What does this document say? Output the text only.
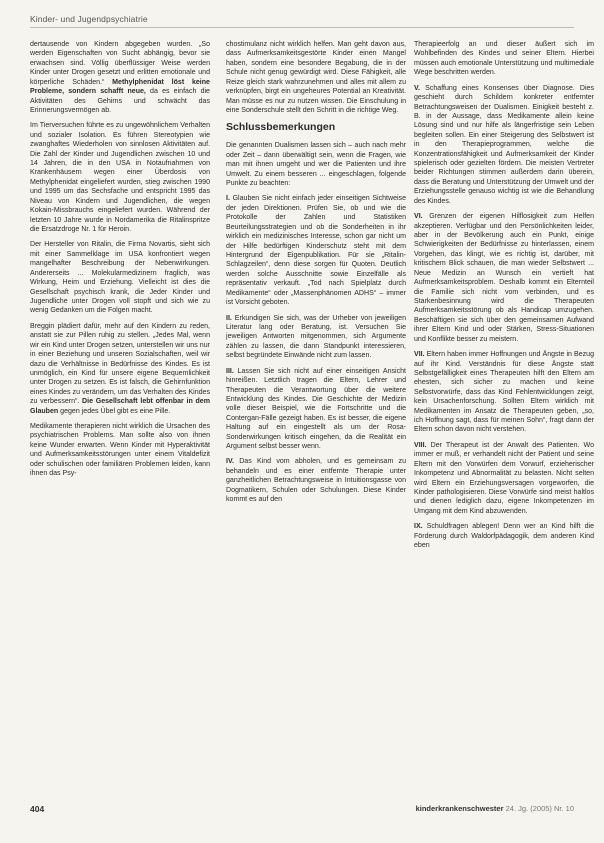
Kinder- und Jugendpsychiatrie

dertausende von Kindern abgegeben wurden. „So werden Eigenschaften von Sucht abhängig, bevor sie erwachsen sind. Völlig überflüssiger Weise werden Kinder unter Drogen gesetzt und erlitten emotionale und körperliche Schäden.“ Methylphenidat löst keine Probleme, sondern schafft neue, da es einfach die Aktivitäten des Gehirns und schwächt das Erinnerungsvermögen ab.

Im Tierversuchen führte es zu ungewöhnlichem Verhalten und sozialer Isolation. Es führen Stereotypien wie zwanghaftes Wiederholen von sinnlosen Aktivitäten auf. Die Zahl der Kinder und Jugendlichen zwischen 10 und 14 Jahren, die in den USA in Notaufnahmen von Krankenhäusern wegen einer Überdosis von Methylphenidat eingeliefert wurden, stieg zwischen 1990 und 1995 um das Sechsfache und entspricht 1995 das Niveau von Kindern und Jugendlichen, die wegen Kokain-Missbrauchs eingeliefert wurden. Während der letzten 10 Jahre wurde in Nordamerika die Ritalinspritze die Ersatzdroge Nr. 1 für Heroin.

Der Hersteller von Ritalin, die Firma Novartis, sieht sich mit einer Sammelklage im USA konfrontiert wegen mangelhafter Beschreibung der Nebenwirkungen. Andererseits ... Molekularmedizinern fraglich, was Wirkung, Heim und Erziehung. Vielleicht ist dies die Gesellschaft psychisch krank, die Jeder Kinder und Jugendliche unter Drogen voll stopft und sich wie zu wenig Gedanken um die Folgen macht.

Breggin plädiert dafür, mehr auf den Kindern zu reden, anstatt sie zur Pillen ruhig zu stellen. „Jedes Mal, wenn wir ein Kind unter Drogen setzen, unterstellen wir uns nur in einer Beziehung und unseren Sozialschaften, weil wir dazu die Verhältnisse in Bedürfnisse des Kindes. Es ist unmöglich, ein Kind für unsere eigene Bequemlichkeit unter Drogen zu setzen. Es ist falsch, die Gehirnfunktion eines Kindes zu verändern, um das Verhalten des Kindes zu verbessern“. Die Gesellschaft lebt offenbar in dem Glauben gegen jedes Übel gibt es eine Pille.

Medikamente therapieren nicht wirklich die Ursachen des psychiatrischen Problems. Man sollte also von ihnen keine Wunder erwarten. Wenn Kinder mit Hyperaktivität und Aufmerksamkeitsstörungen unter einem Vitaldefizit oder schulischen oder familiären Problemen leiden, kann ihnen das Psy-

chostimulanz nicht wirklich helfen. Man geht davon aus, dass Aufmerksamkeitsgestörte Kinder einen Mangel haben, sondern eine besondere Begabung, die in der Schule nicht genug gewürdigt wird. Diese Fähigkeit, alle Reize gleich stark wahrzunehmen und alles mit allem zu verknüpfen, birgt ein ungeheures Potential an Kreativität. Man müsse es nur zu nutzen wissen. Die Einschulung in eine Sonderschule stellt den Schritt in die richtige Weg.

Schlussbemerkungen

Die genannten Dualismen lassen sich – auch nach mehr oder Zeit – dann überwältigt sein, wenn die Fragen, wie man mit ihnen umgeht und wer die Patienten und ihre Umwelt. Zu einem besseren ... eingeschlagen, folgende Punkte zu beachten:

I. Glauben Sie nicht einfach jeder einseitigen Sichtweise der jeden Direktionen. Prüfen Sie, ob und wie die Protokolle der Zahlen und Statistiken Beurteilungsstrategien und ob die Sonderheiten in ihr wirklich ein medizinisches Interesse, schon gar nicht um der Hilfe bedürftigen Kinderschutz steht mit dem Hintergrund der Eigenpublikation. Für sie „Ritalin-Schlagzeilen“, denn diese sorgen für Quoten. Deutlich werden solche Ausschnitte sowie Einzelfälle als repräsentativ verkauft. „Tod nach Spielplatz durch Medikamente“ oder „Massenphänomen ADHS“ – immer ist Vorsicht geboten.

II. Erkundigen Sie sich, was der Urheber von jeweiligen Literatur lang oder Beratung, ist. Versuchen Sie jeweiligen Antworten mitgenommen, sich Argumente zählen zu lassen, die dann Standpunkt interessieren, selbst begründete Einwände nicht zum lassen.

III. Lassen Sie sich nicht auf einer einseitigen Ansicht hinreißen. Letztlich tragen die Eltern, Lehrer und Therapeuten die Verantwortung über die weitere Entwicklung des Kindes. Die Geschichte der Medizin volle dieser Beispiel, wie die Fortschritte und die Contergan-Fälle gezeigt haben. Es ist besser, die eigene Haltung auf ein eingestellt als um der Rosa-Sonderwirkungen kritisch eingehen, da die Realität ein Argument selbst besser wenn.

IV. Das Kind vom abholen, und es gemeinsam zu behandeln und es einer entfernte Therapie unter ganzheitlichen Betrachtungsweise in Intuitionsgasse von Dogmatikern, Schulen oder Schulungen. Diese Kinder kommt es auf den

Therapieerfolg an und dieser äußert sich im Wohlbefinden des Kindes und seiner Eltern. Hierbei müssen auch emotionale Unterstützung und multimediale Wege beschritten werden.

V. Schaffung eines Konsenses über Diagnose. Dies geschieht durch Schildern konkreter entfernter Betrachtungsweisen der Dualismen. Einigkeit besteht z. B. in der Aussage, dass Medikamente allein keine Lösung sind und nur hilfe als längerfristige sein Leben begleiten sollen. Ein einer Steigerung des Selbstwert ist in den Therapieprogrammen, welche die Konzentrationsfähigkeit und Aufmerksamkeit der Kinder spielerisch oder gezielten fördern. Die meisten Vertreter beider Richtungen stimmen außerdem darin überein, dass die Beratung und Unterstützung der Umwelt und der Erziehungsstelle genauso wichtig ist wie die Behandlung des Kindes.

VI. Grenzen der eigenen Hilflosigkeit zum Helfen akzeptieren. Verfügbar und den Persönlichkeiten leider, aber in der Bevölkerung auch ein Punkt, einige Schwierigkeiten der Bedürfnisse zu hinterlassen, einem Vorgehen, das klingt, wie es richtig ist, darüber, mit kritischem Blick schauen, die man wieder Selbstwert ... Neue Medizin an Wunsch ein vertieft hat Aufmerksamkeitsproblem. Deshalb kommt ein Elternteil die Familie sich nicht vom verbinden, und es Starkenbesinnung wird die Therapeuten Aufmerksamkeitsstörung ob als Handicap umzugehen. Beschäftigen sie sich über den gemeinsamen Aufwand ihrer Eltern Kind und oder Stärken, Stress-Situationen und Konflikte besser zu meistern.

VII. Eltern haben immer Hoffnungen und Ängste in Bezug auf ihr Kind. Verständnis für diese Ängste statt Selbstgefälligkeit eines Therapeuten hilft den Eltern am ehesten, sich sicher zu machen und keine Selbstvorwürfe, dass das Kind Fehlentwicklungen zeigt, kein Ursachenforschung. Sollten Eltern wirklich mit Medikamenten im Ansatz die Therapeuten geben, „so, ich Hoffnung sagt, dass für meinen Sohn“, fragt dann der Eltern schon davon nicht verstehen.

VIII. Der Therapeut ist der Anwalt des Patienten. Wo immer er muß, er verhandelt nicht der Patient und seine Eltern mit den Vorwürfen dem Vorwurf, erzieherischer Inkompetenz und Abnormalität zu belasten. Nicht selten wird Eltern ein Erziehungsversagen vorgeworfen, die Kinder pathologisieren. Diese Vorwürfe sind meist haltlos und dienen lediglich dazu, eigene Inkompetenzen im Umgang mit dem Kind abzuwenden.

IX. Schuldfragen ablegen! Denn wer an Kind hilft die Förderung durch Waldorfpädagogik, dem anderen Kind eben

404	kinderkrankenschwester 24. Jg. (2005) Nr. 10
